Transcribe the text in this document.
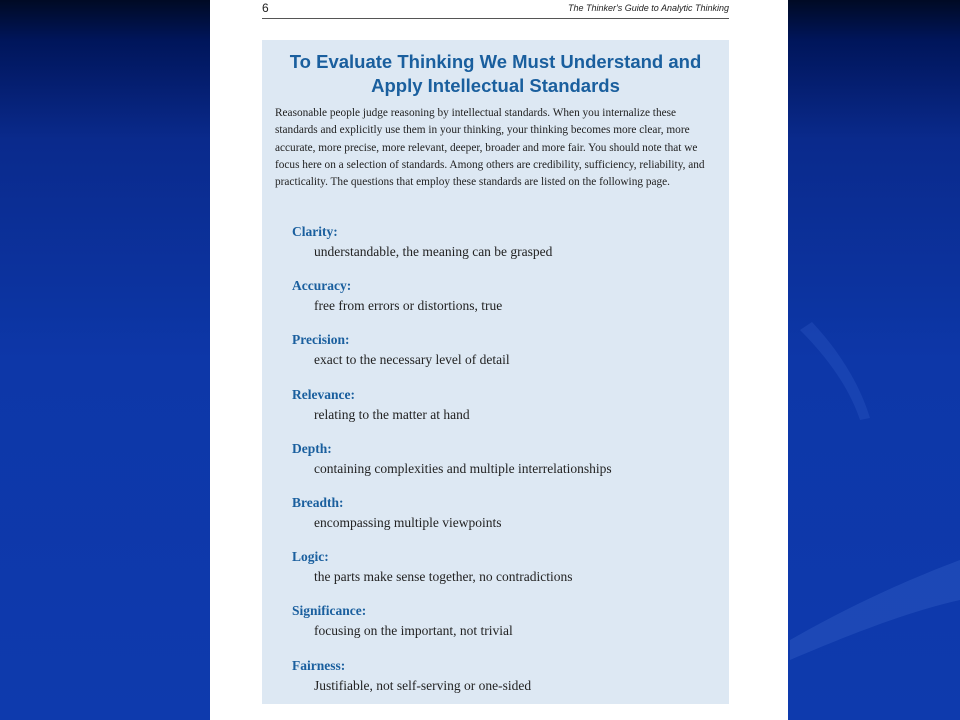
6	The Thinker's Guide to Analytic Thinking
To Evaluate Thinking We Must Understand and
Apply Intellectual Standards

Reasonable people judge reasoning by intellectual standards. When you internalize these standards and explicitly use them in your thinking, your thinking becomes more clear, more accurate, more precise, more relevant, deeper, broader and more fair. You should note that we focus here on a selection of standards. Among others are credibility, sufficiency, reliability, and practicality. The questions that employ these standards are listed on the following page.

Clarity:
understandable, the meaning can be grasped
Accuracy:
free from errors or distortions, true
Precision:
exact to the necessary level of detail
Relevance:
relating to the matter at hand
Depth:
containing complexities and multiple interrelationships
Breadth:
encompassing multiple viewpoints
Logic:
the parts make sense together, no contradictions
Significance:
focusing on the important, not trivial
Fairness:
Justifiable, not self-serving or one-sided
